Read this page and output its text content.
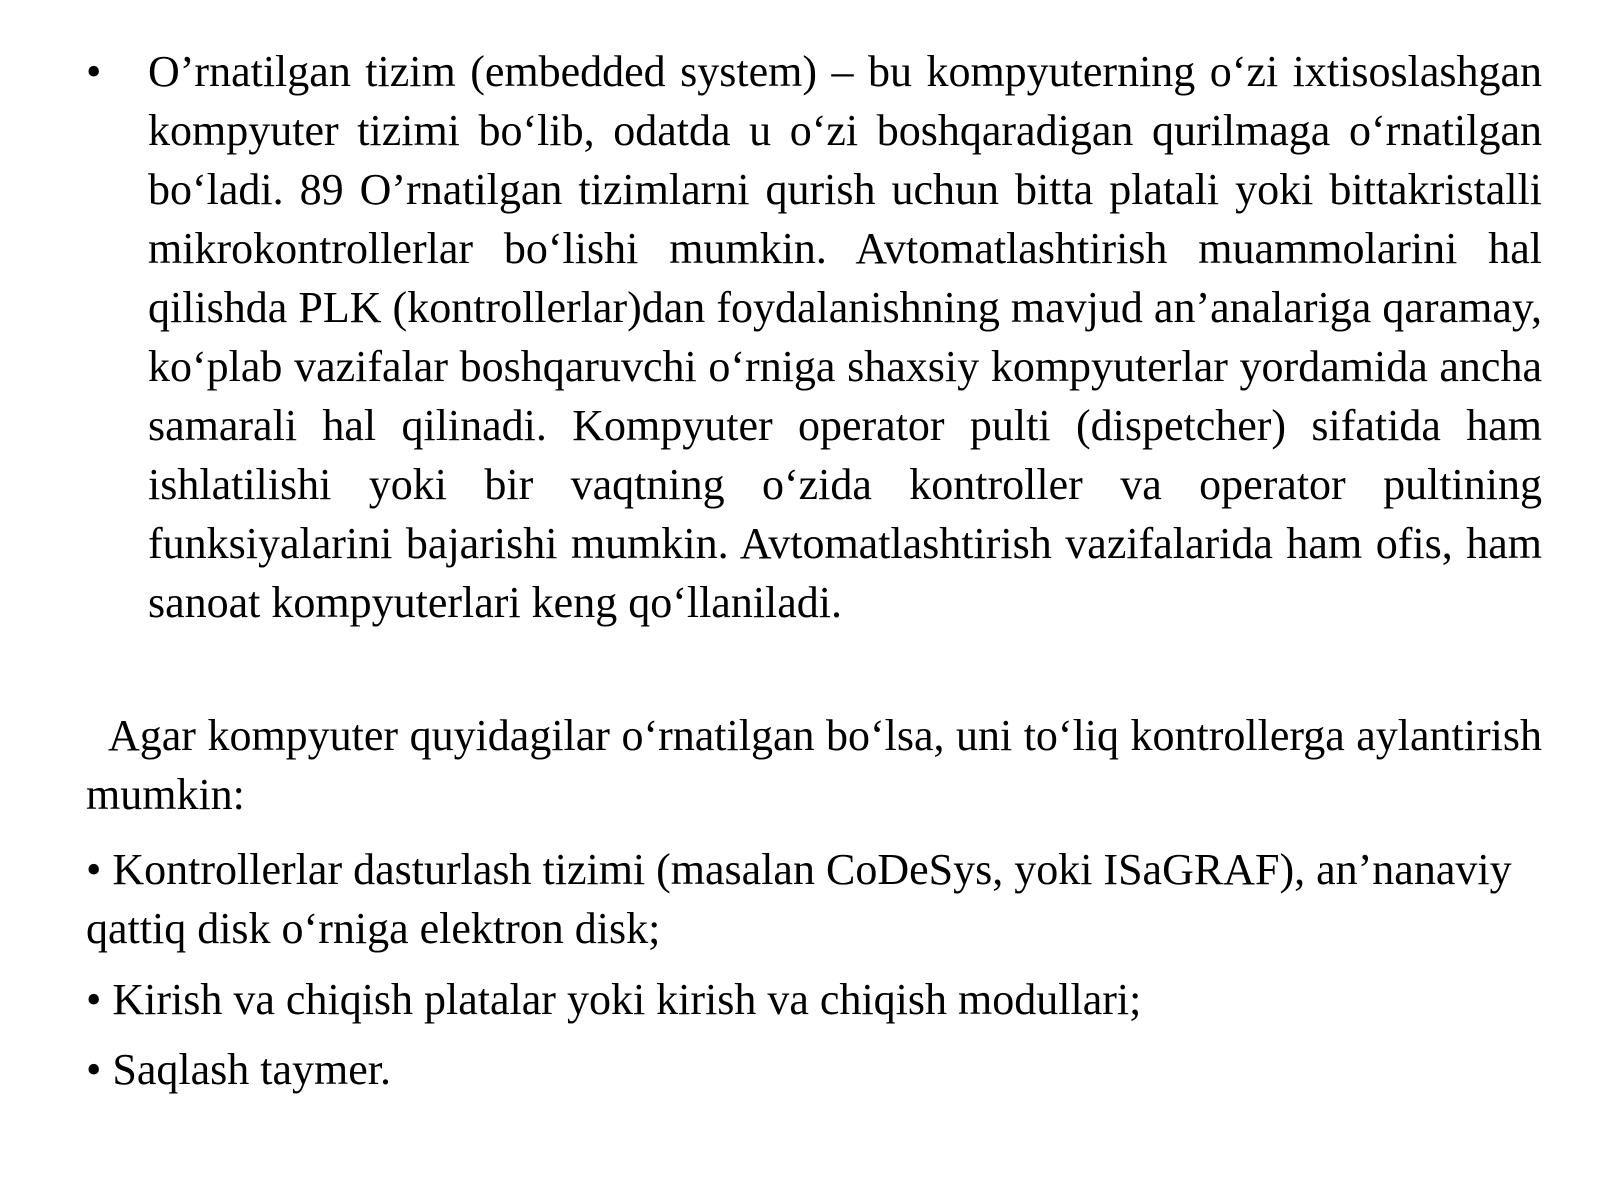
• O’rnatilgan tizim (embedded system) – bu kompyuterning o‘zi ixtisoslashgan kompyuter tizimi bo‘lib, odatda u o‘zi boshqaradigan qurilmaga o‘rnatilgan bo‘ladi. 89 O’rnatilgan tizimlarni qurish uchun bitta platali yoki bittakristalli mikrokontrollerlar bo‘lishi mumkin. Avtomatlashtirish muammolarini hal qilishda PLK (kontrollerlar)dan foydalanishning mavjud an’analariga qaramay, ko‘plab vazifalar boshqaruvchi o‘rniga shaxsiy kompyuterlar yordamida ancha samarali hal qilinadi. Kompyuter operator pulti (dispetcher) sifatida ham ishlatilishi yoki bir vaqtning o‘zida kontroller va operator pultining funksiyalarini bajarishi mumkin. Avtomatlashtirish vazifalarida ham ofis, ham sanoat kompyuterlari keng qo‘llaniladi.
Agar kompyuter quyidagilar o‘rnatilgan bo‘lsa, uni to‘liq kontrollerga aylantirish mumkin:
• Kontrollerlar dasturlash tizimi (masalan CoDeSys, yoki ISaGRAF), an’nanaviy qattiq disk o‘rniga elektron disk;
• Kirish va chiqish platalar yoki kirish va chiqish modullari;
• Saqlash taymer.
